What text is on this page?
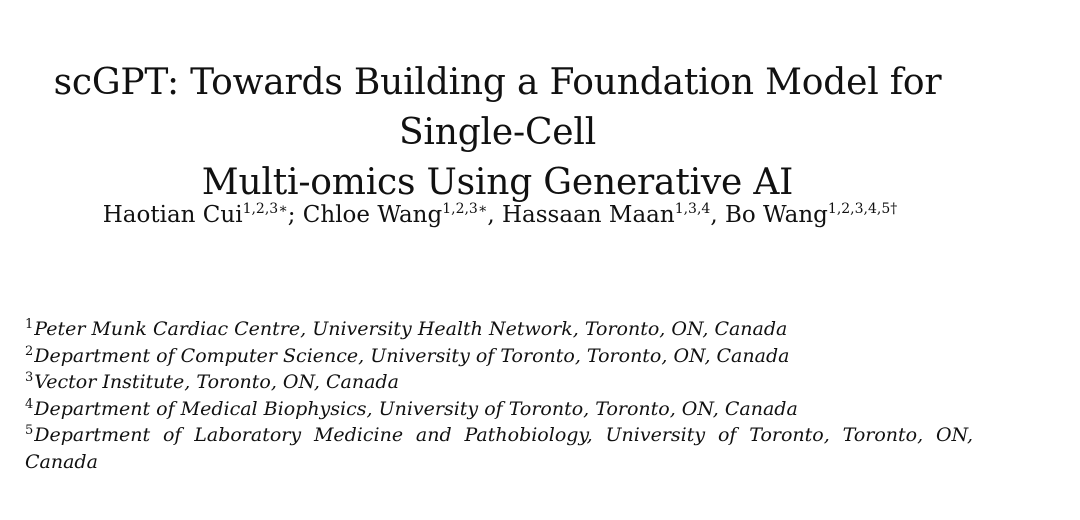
scGPT: Towards Building a Foundation Model for Single-Cell
Multi-omics Using Generative AI
Haotian Cui$^{1,2,3∗}$; Chloe Wang$^{1,2,3∗}$, Hassaan Maan$^{1,3,4}$, Bo Wang$^{1,2,3,4,5\dagger}$
$^1$Peter Munk Cardiac Centre, University Health Network, Toronto, ON, Canada
$^2$Department of Computer Science, University of Toronto, Toronto, ON, Canada
$^3$Vector Institute, Toronto, ON, Canada
$^4$Department of Medical Biophysics, University of Toronto, Toronto, ON, Canada
$^5$Department of Laboratory Medicine and Pathobiology, University of Toronto, Toronto, ON, Canada
